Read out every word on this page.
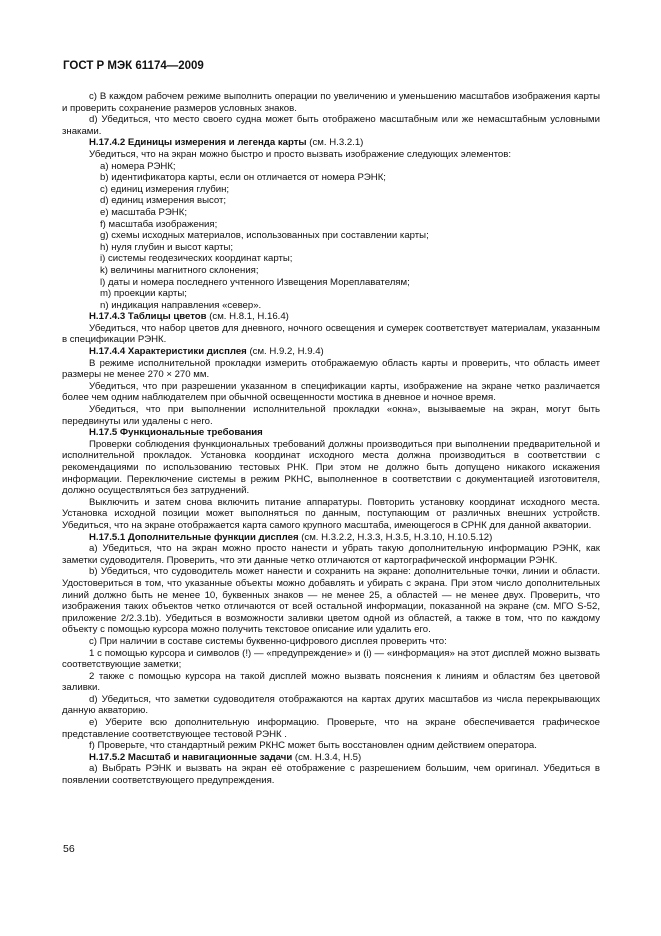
ГОСТ Р МЭК 61174—2009

c) В каждом рабочем режиме выполнить операции по увеличению и уменьшению масштабов изображения карты и проверить сохранение размеров условных знаков.

d) Убедиться, что место своего судна может быть отображено масштабным или же немасштабным условными знаками.

Н.17.4.2 Единицы измерения и легенда карты (см. Н.3.2.1)

Убедиться, что на экран можно быстро и просто вызвать изображение следующих элементов:

a) номера РЭНК;

b) идентификатора карты, если он отличается от номера РЭНК;

c) единиц измерения глубин;

d) единиц измерения высот;

e) масштаба РЭНК;

f) масштаба изображения;

g) схемы исходных материалов, использованных при составлении карты;

h) нуля глубин и высот карты;

i) системы геодезических координат карты;

k) величины магнитного склонения;

l) даты и номера последнего учтенного Извещения Мореплавателям;

m) проекции карты;

n) индикация направления «север».

Н.17.4.3 Таблицы цветов (см. Н.8.1, Н.16.4)

Убедиться, что набор цветов для дневного, ночного освещения и сумерек соответствует материалам, указанным в спецификации РЭНК.

Н.17.4.4 Характеристики дисплея (см. Н.9.2, Н.9.4)

В режиме исполнительной прокладки измерить отображаемую область карты и проверить, что область имеет размеры не менее 270 × 270 мм.

Убедиться, что при разрешении указанном в спецификации карты, изображение на экране четко различается более чем одним наблюдателем при обычной освещенности мостика в дневное и ночное время.

Убедиться, что при выполнении исполнительной прокладки «окна», вызываемые на экран, могут быть передвинуты или удалены с него.

Н.17.5 Функциональные требования

Проверки соблюдения функциональных требований должны производиться при выполнении предварительной и исполнительной прокладок. Установка координат исходного места должна производиться в соответствии с рекомендациями по использованию тестовых РНК. При этом не должно быть допущено никакого искажения информации. Переключение системы в режим РКНС, выполненное в соответствии с документацией изготовителя, должно осуществляться без затруднений.

Выключить и затем снова включить питание аппаратуры. Повторить установку координат исходного места. Установка исходной позиции может выполняться по данным, поступающим от различных внешних устройств. Убедиться, что на экране отображается карта самого крупного масштаба, имеющегося в СРНК для данной акватории.

Н.17.5.1 Дополнительные функции дисплея (см. Н.3.2.2, Н.3.3, Н.3.5, Н.3.10, Н.10.5.12)

a) Убедиться, что на экран можно просто нанести и убрать такую дополнительную информацию РЭНК, как заметки судоводителя. Проверить, что эти данные четко отличаются от картографической информации РЭНК.

b) Убедиться, что судоводитель может нанести и сохранить на экране: дополнительные точки, линии и области. Удостовериться в том, что указанные объекты можно добавлять и убирать с экрана. При этом число дополнительных линий должно быть не менее 10, буквенных знаков — не менее 25, а областей — не менее двух. Проверить, что изображения таких объектов четко отличаются от всей остальной информации, показанной на экране (см. МГО S-52, приложение 2/2.3.1b). Убедиться в возможности заливки цветом одной из областей, а также в том, что по каждому объекту с помощью курсора можно получить текстовое описание или удалить его.

c) При наличии в составе системы буквенно-цифрового дисплея проверить что:

1 с помощью курсора и символов (!) — «предупреждение» и (i) — «информация» на этот дисплей можно вызвать соответствующие заметки;

2 также с помощью курсора на такой дисплей можно вызвать пояснения к линиям и областям без цветовой заливки.

d) Убедиться, что заметки судоводителя отображаются на картах других масштабов из числа перекрывающих данную акваторию.

e) Уберите всю дополнительную информацию. Проверьте, что на экране обеспечивается графическое представление соответствующее тестовой РЭНК .

f) Проверьте, что стандартный режим РКНС может быть восстановлен одним действием оператора.

Н.17.5.2 Масштаб и навигационные задачи (см. Н.3.4, Н.5)

a) Выбрать РЭНК и вызвать на экран её отображение с разрешением большим, чем оригинал. Убедиться в появлении соответствующего предупреждения.

56
